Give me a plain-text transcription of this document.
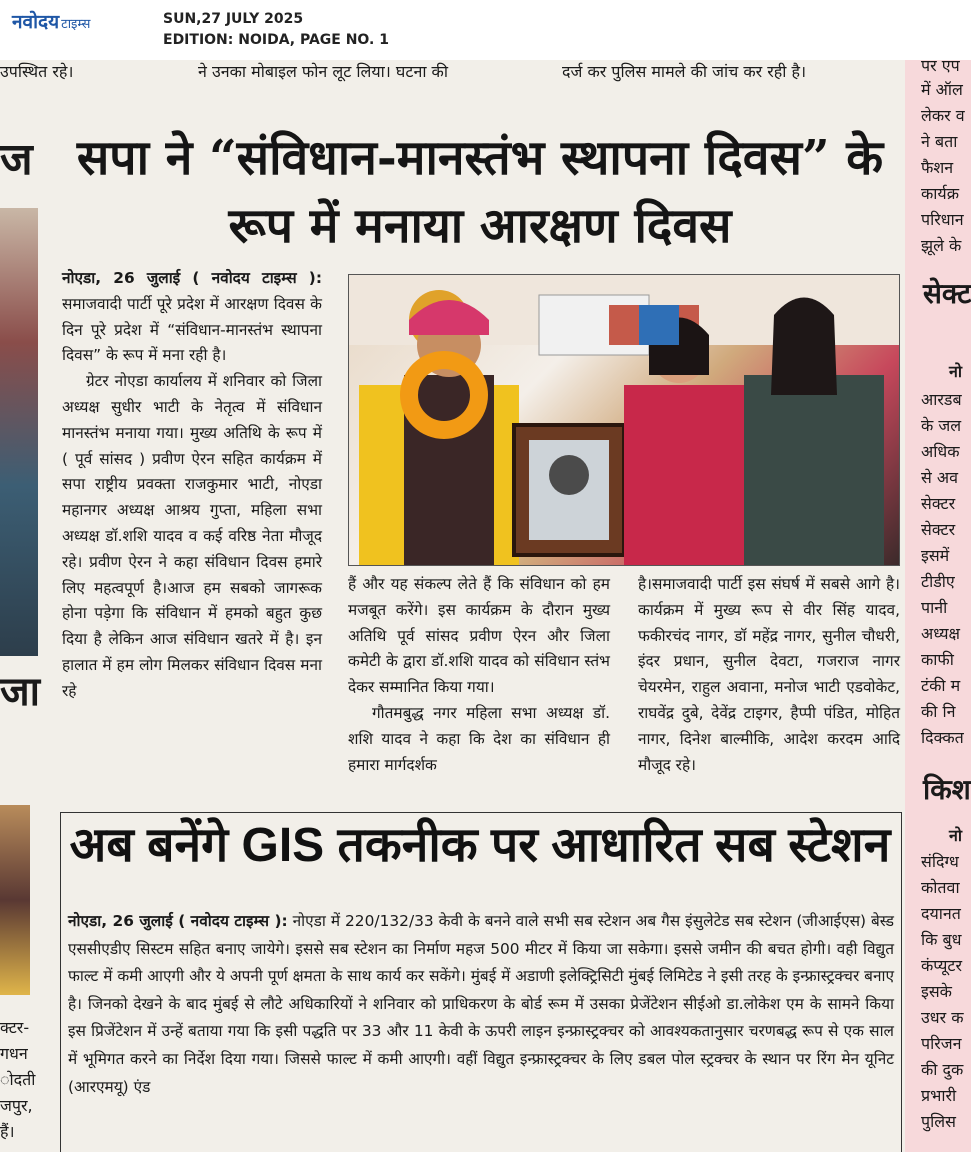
नवोदय टाइम्स	SUN,27 JULY 2025
EDITION: NOIDA, PAGE NO. 1
उपस्थित रहे।	ने उनका मोबाइल फोन लूट लिया। घटना की	दर्ज कर पुलिस मामले की जांच कर रही है।
ज
जा
क्टर-
गधन
ोदती
जपुर,
हैं।
सपा ने “संविधान-मानस्तंभ स्थापना दिवस” के रूप में मनाया आरक्षण दिवस

नोएडा, 26 जुलाई ( नवोदय टाइम्स ): समाजवादी पार्टी पूरे प्रदेश में आरक्षण दिवस के दिन पूरे प्रदेश में “संविधान-मानस्तंभ स्थापना दिवस” के रूप में मना रही है।

ग्रेटर नोएडा कार्यालय में शनिवार को जिला अध्यक्ष सुधीर भाटी के नेतृत्व में संविधान मानस्तंभ मनाया गया। मुख्य अतिथि के रूप में ( पूर्व सांसद ) प्रवीण ऐरन सहित कार्यक्रम में सपा राष्ट्रीय प्रवक्ता राजकुमार भाटी, नोएडा महानगर अध्यक्ष आश्रय गुप्ता, महिला सभा अध्यक्ष डॉ.शशि यादव व कई वरिष्ठ नेता मौजूद रहे। प्रवीण ऐरन ने कहा संविधान दिवस हमारे लिए महत्वपूर्ण है।आज हम सबको जागरूक होना पड़ेगा कि संविधान में हमको बहुत कुछ दिया है लेकिन आज संविधान खतरे में है। इन हालात में हम लोग मिलकर संविधान दिवस मना रहे

हैं और यह संकल्प लेते हैं कि संविधान को हम मजबूत करेंगे। इस कार्यक्रम के दौरान मुख्य अतिथि पूर्व सांसद प्रवीण ऐरन और जिला कमेटी के द्वारा डॉ.शशि यादव को संविधान स्तंभ देकर सम्मानित किया गया।

गौतमबुद्ध नगर महिला सभा अध्यक्ष डॉ. शशि यादव ने कहा कि देश का संविधान ही हमारा मार्गदर्शक

है।समाजवादी पार्टी इस संघर्ष में सबसे आगे है।कार्यक्रम में मुख्य रूप से वीर सिंह यादव, फकीरचंद नागर, डॉ महेंद्र नागर, सुनील चौधरी, इंदर प्रधान, सुनील देवटा, गजराज नागर चेयरमेन, राहुल अवाना, मनोज भाटी एडवोकेट, राघवेंद्र दुबे, देवेंद्र टाइगर, हैप्पी पंडित, मोहित नागर, दिनेश बाल्मीकि, आदेश करदम आदि मौजूद रहे।

अब बनेंगे GIS तकनीक पर आधारित सब स्टेशन
नोएडा, 26 जुलाई ( नवोदय टाइम्स ): नोएडा में 220/132/33 केवी के बनने वाले सभी सब स्टेशन अब गैस इंसुलेटेड सब स्टेशन (जीआईएस) बेस्ड एससीएडीए सिस्टम सहित बनाए जायेगे। इससे सब स्टेशन का निर्माण महज 500 मीटर में किया जा सकेगा। इससे जमीन की बचत होगी। वही विद्युत फाल्ट में कमी आएगी और ये अपनी पूर्ण क्षमता के साथ कार्य कर सकेंगे। मुंबई में अडाणी इलेक्ट्रिसिटी मुंबई लिमिटेड ने इसी तरह के इन्फ्रास्ट्रक्चर बनाए है। जिनको देखने के बाद मुंबई से लौटे अधिकारियों ने शनिवार को प्राधिकरण के बोर्ड रूम में उसका प्रेजेंटेशन सीईओ डा.लोकेश एम के सामने किया इस प्रिजेंटेशन में उन्हें बताया गया कि इसी पद्धति पर 33 और 11 केवी के ऊपरी लाइन इन्फ्रास्ट्रक्चर को आवश्यकतानुसार चरणबद्ध रूप से एक साल में भूमिगत करने का निर्देश दिया गया। जिससे फाल्ट में कमी आएगी। वहीं विद्युत इन्फ्रास्ट्रक्चर के लिए डबल पोल स्ट्रक्चर के स्थान पर रिंग मेन यूनिट (आरएमयू) एंड
पर एप
में ऑल
लेकर व
ने बता
फैशन
कार्यक्र
परिधान
झूले के
सेक्ट
नो
आरडब
के जल
अधिक
से अव
सेक्टर
सेक्टर
इसमें
टीडीए
पानी
अध्यक्ष
काफी
टंकी म
की नि
दिक्कत
किश
नो
संदिग्ध
कोतवा
दयानत
कि बुध
कंप्यूटर
इसके
उधर क
परिजन
की दुक
प्रभारी
पुलिस
